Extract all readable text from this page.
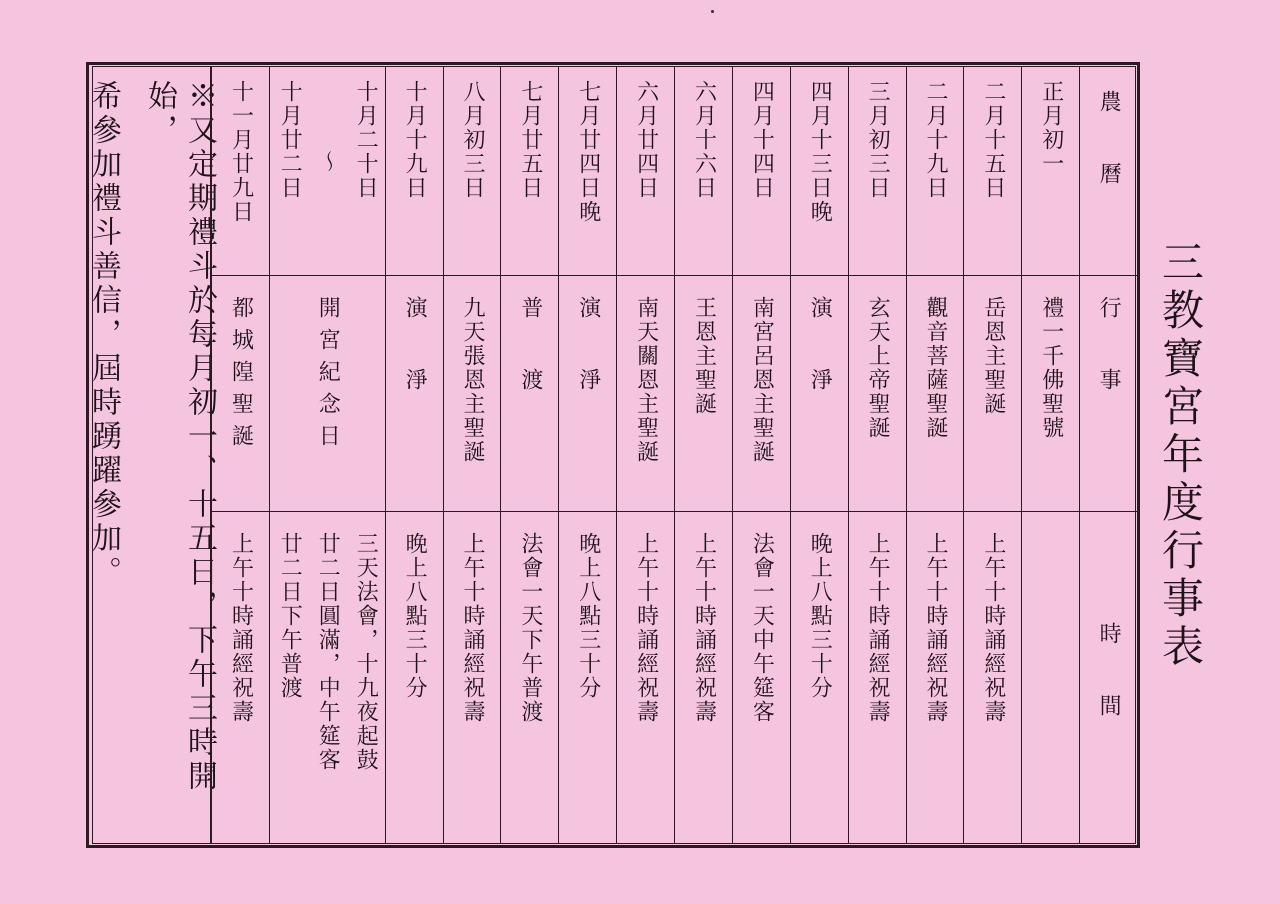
三教寶宮年度行事表
※又定期禮斗於每月初一、十五日，下午三時開始，
希參加禮斗善信，屆時踴躍參加。	農　曆
行　事
時　間
正月初一
禮一千佛聖號
二月十五日
岳恩主聖誕
上午十時誦經祝壽
二月十九日
觀音菩薩聖誕
上午十時誦經祝壽
三月初三日
玄天上帝聖誕
上午十時誦經祝壽
四月十三日晚
演　　淨
晚上八點三十分
四月十四日
南宮呂恩主聖誕
法會一天中午筵客
六月十六日
王恩主聖誕
上午十時誦經祝壽
六月廿四日
南天關恩主聖誕
上午十時誦經祝壽
七月廿四日晚
演　　淨
晚上八點三十分
七月廿五日
普　　渡
法會一天下午普渡
八月初三日
九天張恩主聖誕
上午十時誦經祝壽
十月十九日
演　　淨
晚上八點三十分
十月二十日
～
十月廿二日
開宮紀念日
三天法會，十九夜起鼓
廿二日圓滿，中午筵客
廿二日下午普渡
十一月廿九日
都城隍聖誕
上午十時誦經祝壽
